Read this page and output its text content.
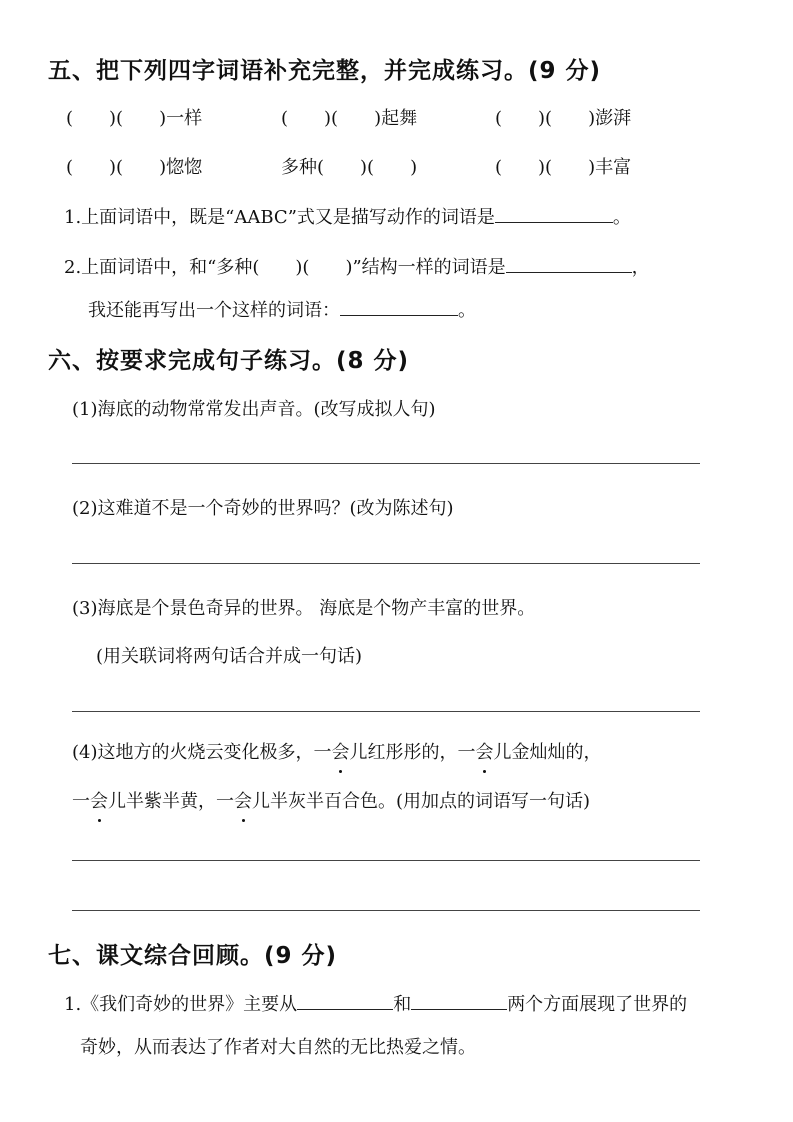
五、把下列四字词语补充完整，并完成练习。(9 分)
(　　)(　　)一样	(　　)(　　)起舞	(　　)(　　)澎湃
(　　)(　　)惚惚	多种(　　)(　　)	(　　)(　　)丰富
1.上面词语中，既是“AABC”式又是描写动作的词语是	。
2.上面词语中，和“多种(　　)(　　)”结构一样的词语是	，
我还能再写出一个这样的词语：	。
六、按要求完成句子练习。(8 分)
(1)海底的动物常常发出声音。(改写成拟人句)
(2)这难道不是一个奇妙的世界吗？(改为陈述句)
(3)海底是个景色奇异的世界。 海底是个物产丰富的世界。
(用关联词将两句话合并成一句话)
(4)这地方的火烧云变化极多，一会儿红彤彤的，一会儿金灿灿的，
一会儿半紫半黄，一会儿半灰半百合色。(用加点的词语写一句话)
七、课文综合回顾。(9 分)
1.《我们奇妙的世界》主要从	和	两个方面展现了世界的
奇妙，从而表达了作者对大自然的无比热爱之情。
